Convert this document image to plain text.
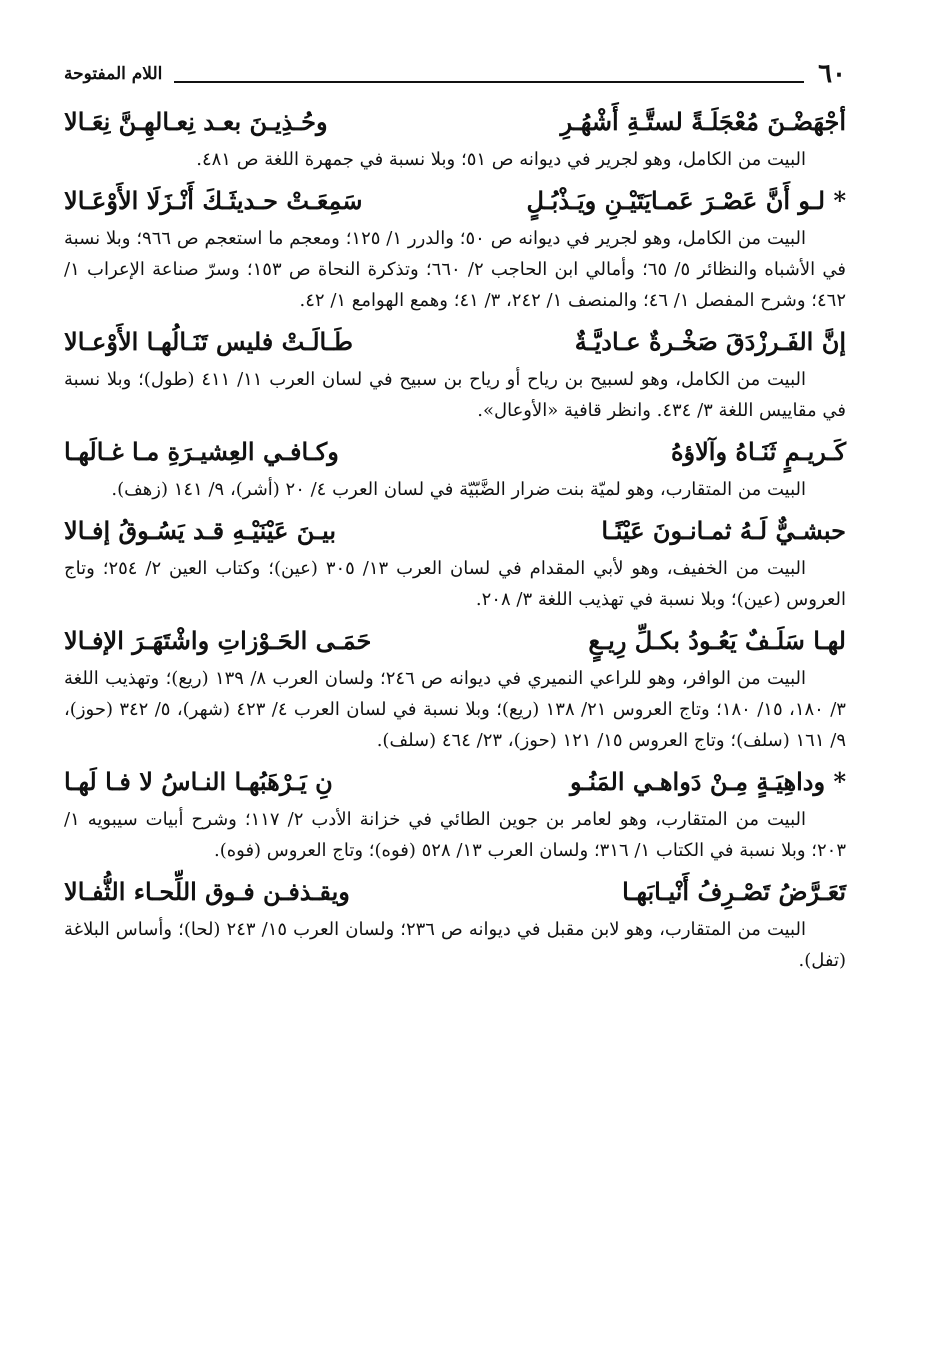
٦٠
اللام المفتوحة
أجْهَضْـنَ مُعْجَلَـةً لستَّـةِ أَشْهُـرِ
وحُـذِيـنَ بعـد نِعـالهِـنَّ نِعَـالا

البيت من الكامل، وهو لجرير في ديوانه ص ٥١؛ وبلا نسبة في جمهرة اللغة ص ٤٨١.

* لـو أَنَّ عَصْـرَ عَمـايَتَيْـنِ ويَـذْبُـلٍ
سَمِعَـتْ حـديثَـكَ أَنْـزَلَا الأَوْعَـالا

البيت من الكامل، وهو لجرير في ديوانه ص ٥٠؛ والدرر ١/ ١٢٥؛ ومعجم ما استعجم ص ٩٦٦؛ وبلا نسبة في الأشباه والنظائر ٥/ ٦٥؛ وأمالي ابن الحاجب ٢/ ٦٦٠؛ وتذكرة النحاة ص ١٥٣؛ وسرّ صناعة الإعراب ١/ ٤٦٢؛ وشرح المفصل ١/ ٤٦؛ والمنصف ١/ ٢٤٢، ٣/ ٤١؛ وهمع الهوامع ١/ ٤٢.

إنَّ الفَـرزْدَقَ صَخْـرةٌ عـاديَّـةٌ
طَـالَـتْ فليس تَنَـالُهـا الأَوْعـالا

البيت من الكامل، وهو لسبيح بن رياح أو رياح بن سبيح في لسان العرب ١١/ ٤١١ (طول)؛ وبلا نسبة في مقاييس اللغة ٣/ ٤٣٤. وانظر قافية «الأوعال».

كَـريـمٍ ثَنَـاهُ وآلاؤهُ
وكـافـي العِشيـرَةِ مـا غـالَهـا

البيت من المتقارب، وهو لميّة بنت ضرار الضَّبّيّة في لسان العرب ٤/ ٢٠ (أشر)، ٩/ ١٤١ (زهف).

حبشـيٌّ لَـهُ ثمـانـونَ عَيْنًـا
بيـنَ عَيْنَيْـهِ قـد يَسُـوقُ إفـالا

البيت من الخفيف، وهو لأبي المقدام في لسان العرب ١٣/ ٣٠٥ (عين)؛ وكتاب العين ٢/ ٢٥٤؛ وتاج العروس (عين)؛ وبلا نسبة في تهذيب اللغة ٣/ ٢٠٨.

لهـا سَلَـفٌ يَعُـودُ بكـلِّ رِيـعٍ
حَمَـى الحَـوْزاتِ واشْتَهَـرَ الإفـالا

البيت من الوافر، وهو للراعي النميري في ديوانه ص ٢٤٦؛ ولسان العرب ٨/ ١٣٩ (ريع)؛ وتهذيب اللغة ٣/ ١٨٠، ١٥/ ١٨٠؛ وتاج العروس ٢١/ ١٣٨ (ريع)؛ وبلا نسبة في لسان العرب ٤/ ٤٢٣ (شهر)، ٥/ ٣٤٢ (حوز)، ٩/ ١٦١ (سلف)؛ وتاج العروس ١٥/ ١٢١ (حوز)، ٢٣/ ٤٦٤ (سلف).

* وداهِيَـةٍ مِـنْ دَواهـي المَنُـو
نِ يَـرْهَبُهـا النـاسُ لا فـا لَهـا

البيت من المتقارب، وهو لعامر بن جوين الطائي في خزانة الأدب ٢/ ١١٧؛ وشرح أبيات سيبويه ١/ ٢٠٣؛ وبلا نسبة في الكتاب ١/ ٣١٦؛ ولسان العرب ١٣/ ٥٢٨ (فوه)؛ وتاج العروس (فوه).

تَعَـرَّضُ تَصْـرِفُ أَنْيـابَهـا
ويقـذفـن فـوق اللِّحـاء الثُّفـالا

البيت من المتقارب، وهو لابن مقبل في ديوانه ص ٢٣٦؛ ولسان العرب ١٥/ ٢٤٣ (لحا)؛ وأساس البلاغة (تفل).
